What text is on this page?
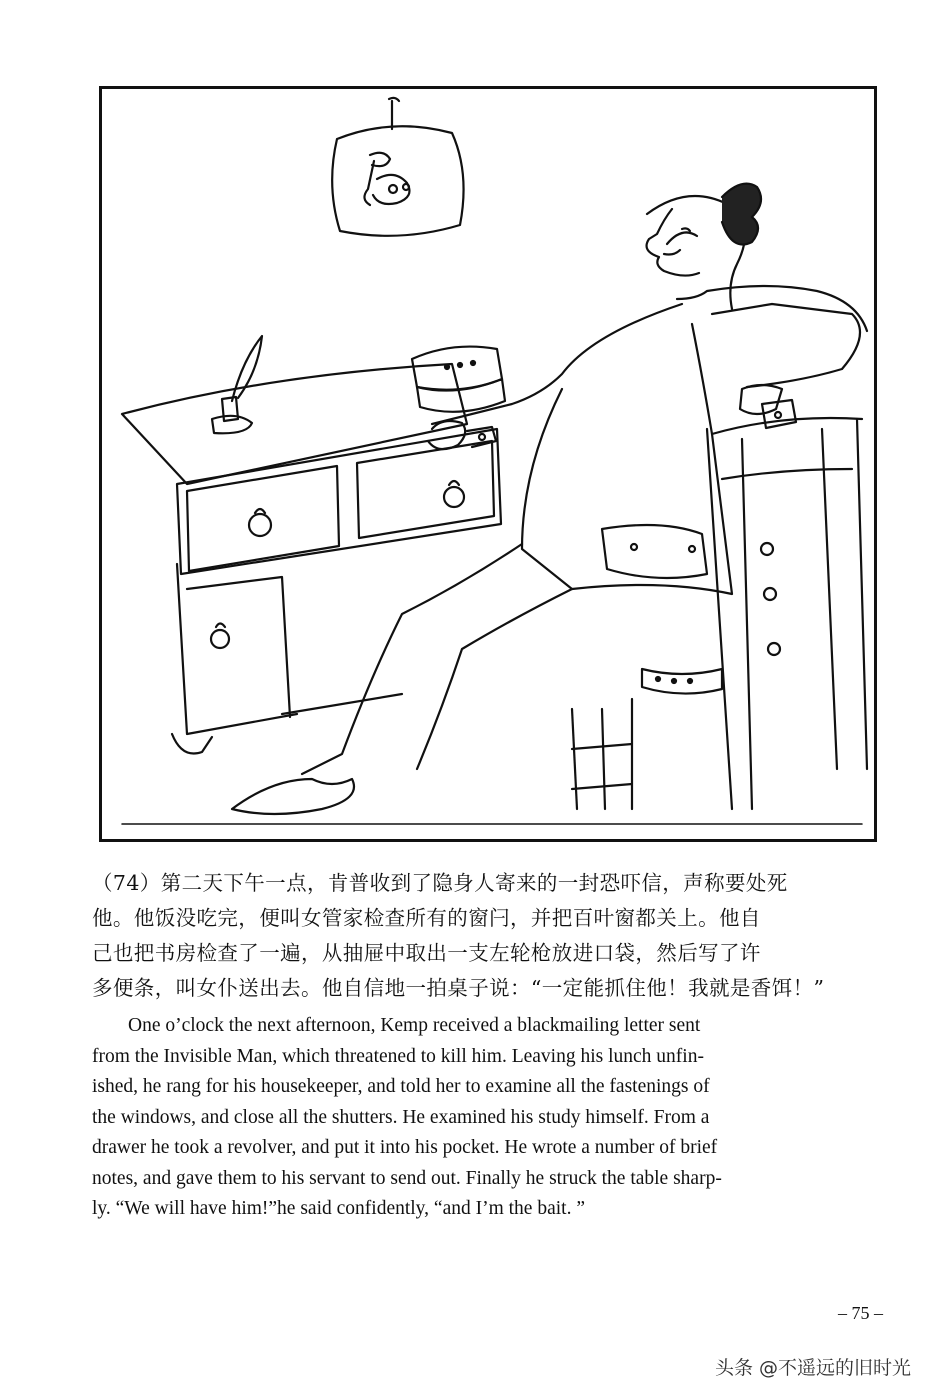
（74）第二天下午一点，肯普收到了隐身人寄来的一封恐吓信，声称要处死

他。他饭没吃完，便叫女管家检查所有的窗闩，并把百叶窗都关上。他自

己也把书房检查了一遍，从抽屉中取出一支左轮枪放进口袋，然后写了许

多便条，叫女仆送出去。他自信地一拍桌子说：“一定能抓住他！我就是香饵！”

One o’clock the next afternoon, Kemp received a blackmailing letter sent

from the Invisible Man, which threatened to kill him. Leaving his lunch unfin-

ished, he rang for his housekeeper, and told her to examine all the fastenings of

the windows, and close all the shutters. He examined his study himself. From a

drawer he took a revolver, and put it into his pocket. He wrote a number of brief

notes, and gave them to his servant to send out. Finally he struck the table sharp-

ly. “We will have him!”he said confidently, “and I’m the bait. ”

– 75 –
头条 @不遥远的旧时光
